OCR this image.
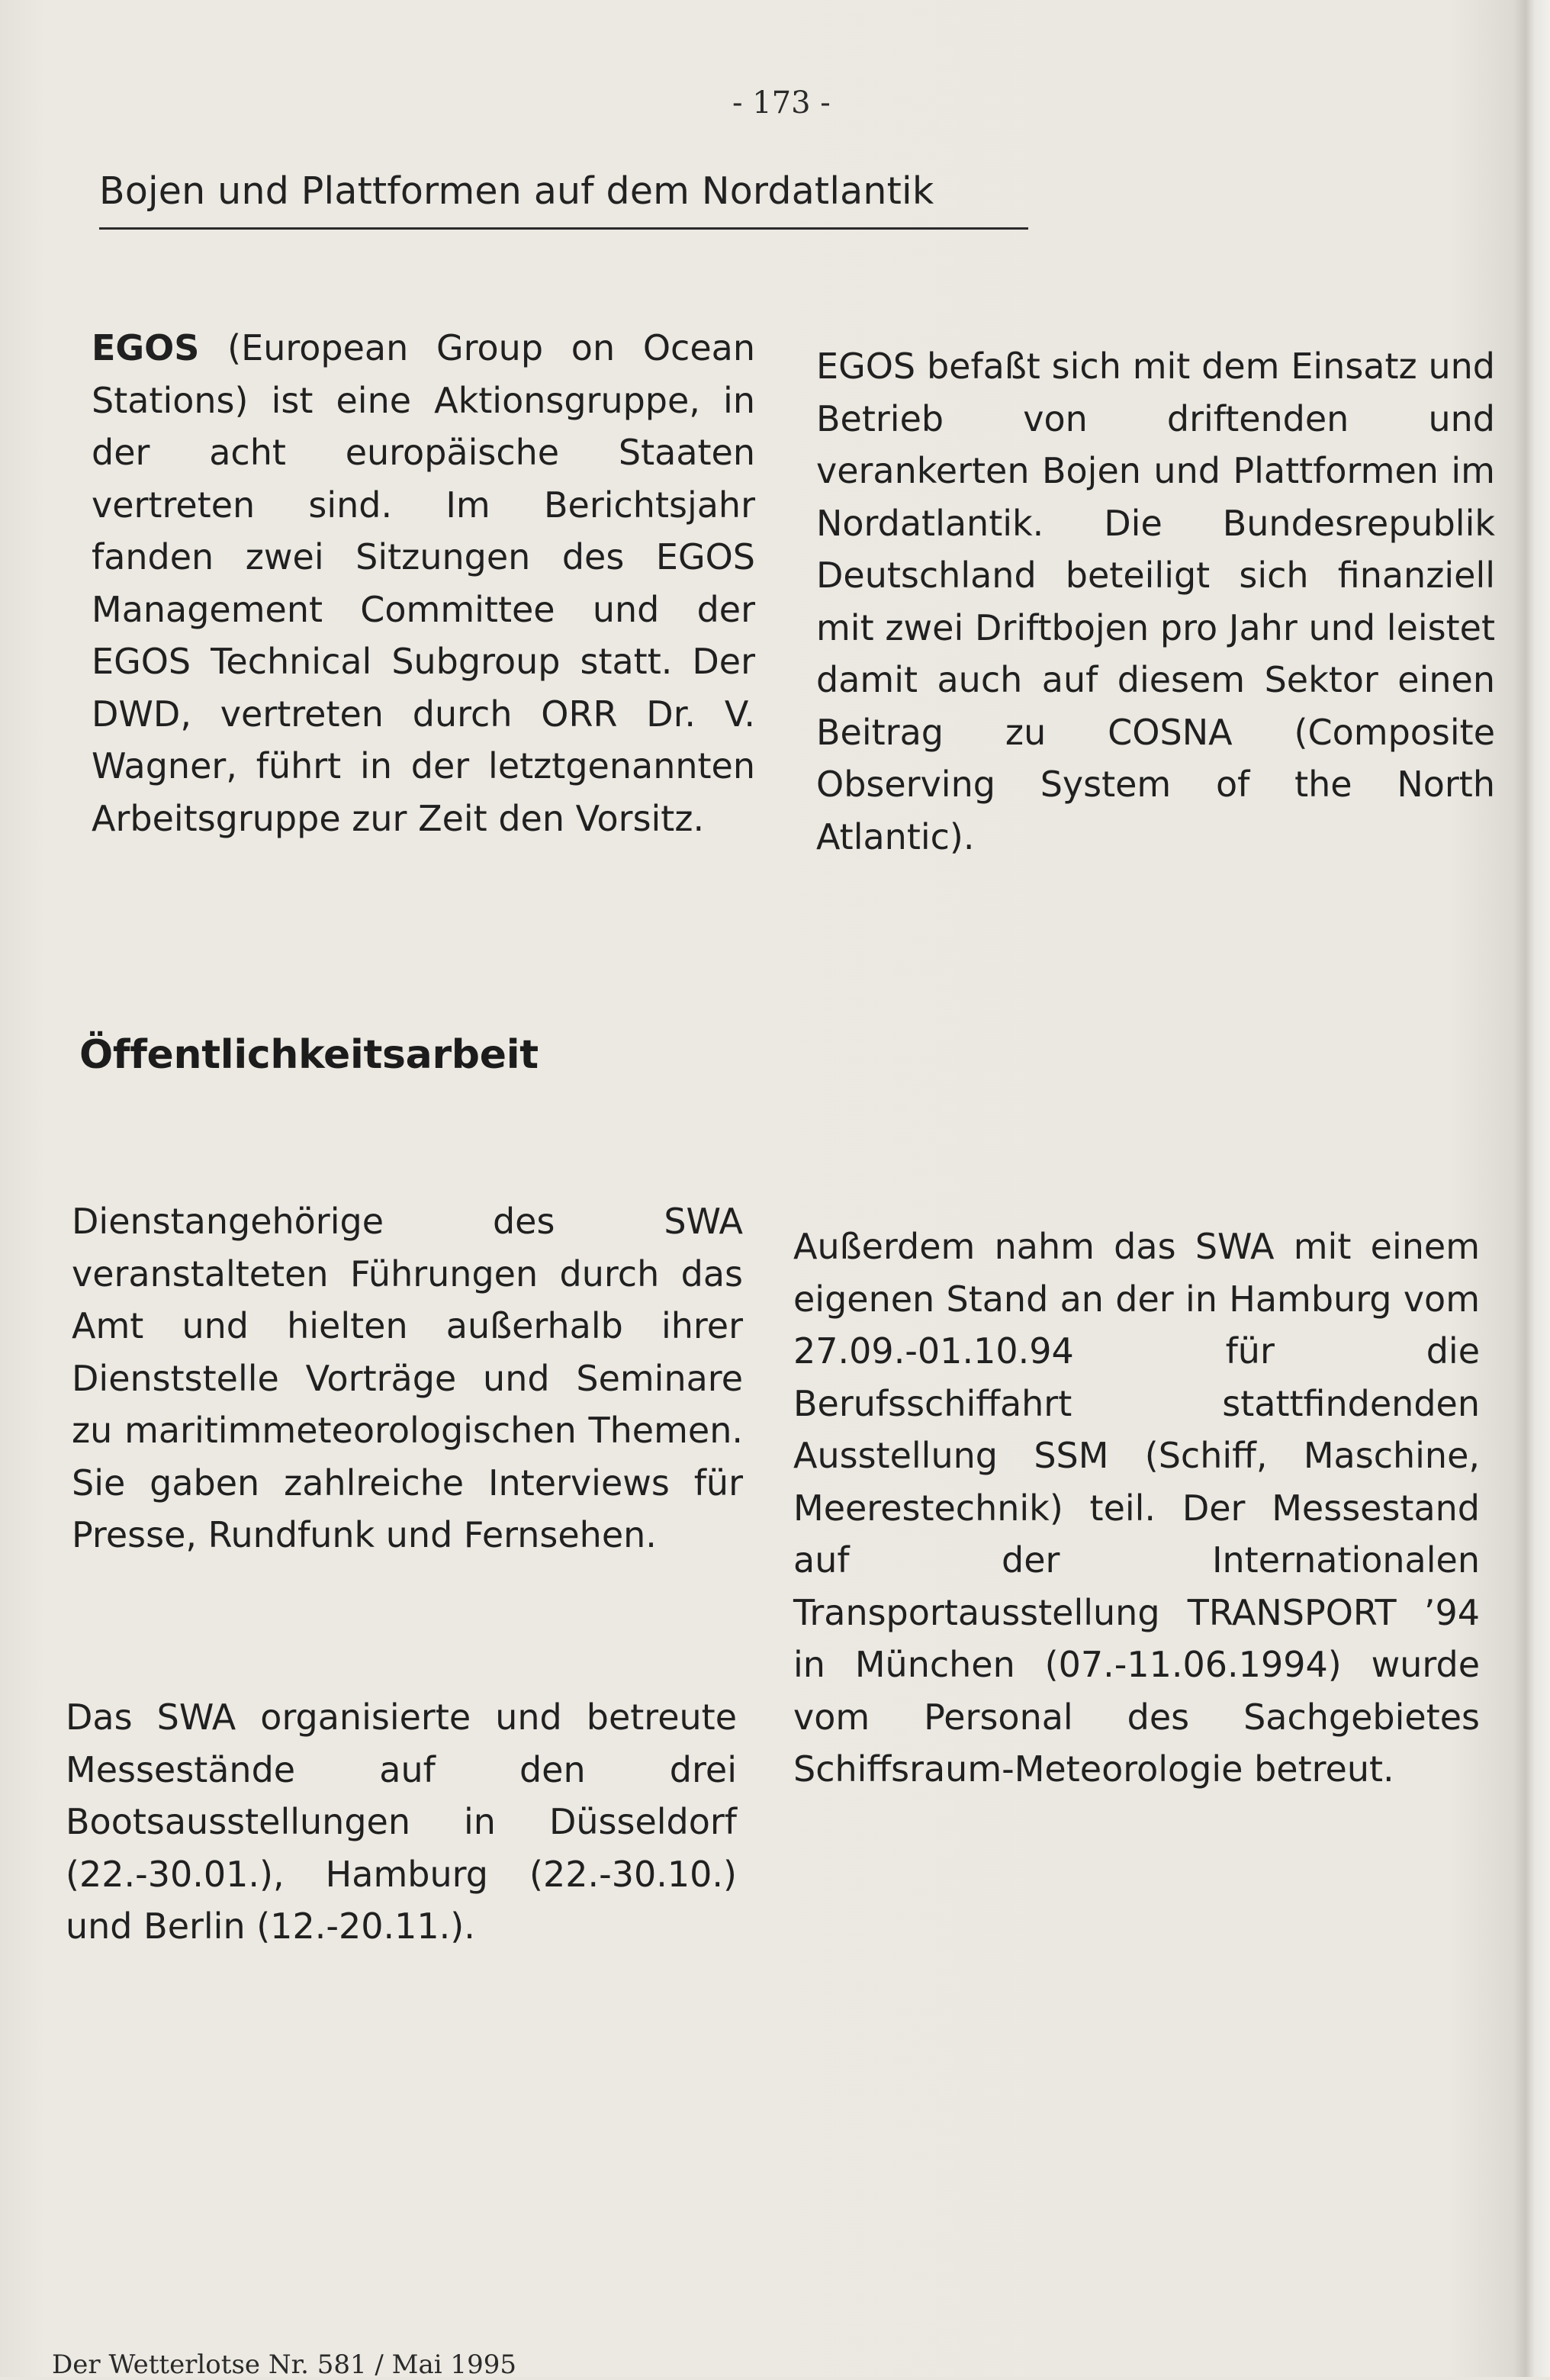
- 173 -
Bojen und Plattformen auf dem Nordatlantik

EGOS (European Group on Ocean Stations) ist eine Aktionsgruppe, in der acht europäische Staaten vertreten sind. Im Berichtsjahr fanden zwei Sitzungen des EGOS Management Committee und der EGOS Technical Subgroup statt. Der DWD, vertreten durch ORR Dr. V. Wagner, führt in der letztgenannten Arbeitsgruppe zur Zeit den Vorsitz.

EGOS befaßt sich mit dem Einsatz und Betrieb von driftenden und verankerten Bojen und Plattformen im Nordatlantik. Die Bundesrepublik Deutschland beteiligt sich finanziell mit zwei Driftbojen pro Jahr und leistet damit auch auf diesem Sektor einen Beitrag zu COSNA (Composite Observing System of the North Atlantic).

Öffentlichkeitsarbeit

Dienstangehörige des SWA veranstalteten Führungen durch das Amt und hielten außerhalb ihrer Dienststelle Vorträge und Seminare zu maritimmeteorologischen Themen. Sie gaben zahlreiche Interviews für Presse, Rundfunk und Fernsehen.

Das SWA organisierte und betreute Messestände auf den drei Bootsausstellungen in Düsseldorf (22.-30.01.), Hamburg (22.-30.10.) und Berlin (12.-20.11.).

Außerdem nahm das SWA mit einem eigenen Stand an der in Hamburg vom 27.09.-01.10.94 für die Berufsschiffahrt stattfindenden Ausstellung SSM (Schiff, Maschine, Meerestechnik) teil. Der Messestand auf der Internationalen Transportausstellung TRANSPORT ’94 in München (07.-11.06.1994) wurde vom Personal des Sachgebietes Schiffsraum-Meteorologie betreut.

Der Wetterlotse Nr. 581 / Mai 1995
